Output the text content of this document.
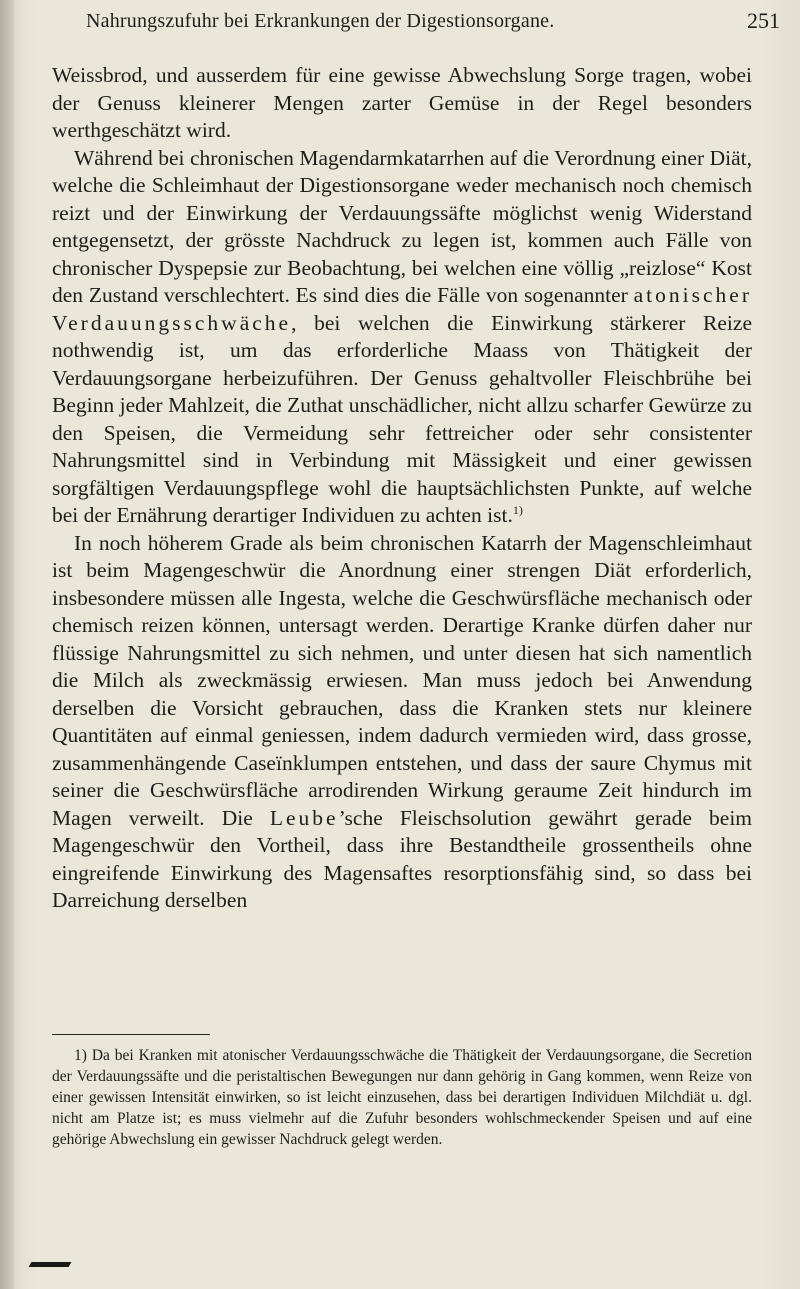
Nahrungszufuhr bei Erkrankungen der Digestionsorgane.	251

Weissbrod, und ausserdem für eine gewisse Abwechslung Sorge tragen, wobei der Genuss kleinerer Mengen zarter Gemüse in der Regel besonders werthgeschätzt wird.

Während bei chronischen Magendarmkatarrhen auf die Verordnung einer Diät, welche die Schleimhaut der Digestionsorgane weder mechanisch noch chemisch reizt und der Einwirkung der Verdauungssäfte möglichst wenig Widerstand entgegensetzt, der grösste Nachdruck zu legen ist, kommen auch Fälle von chronischer Dyspepsie zur Beobachtung, bei welchen eine völlig „reizlose“ Kost den Zustand verschlechtert. Es sind dies die Fälle von sogenannter atonischer Verdauungsschwäche, bei welchen die Einwirkung stärkerer Reize nothwendig ist, um das erforderliche Maass von Thätigkeit der Verdauungsorgane herbeizuführen. Der Genuss gehaltvoller Fleischbrühe bei Beginn jeder Mahlzeit, die Zuthat unschädlicher, nicht allzu scharfer Gewürze zu den Speisen, die Vermeidung sehr fettreicher oder sehr consistenter Nahrungsmittel sind in Verbindung mit Mässigkeit und einer gewissen sorgfältigen Verdauungspflege wohl die hauptsächlichsten Punkte, auf welche bei der Ernährung derartiger Individuen zu achten ist.$^{1)}$

In noch höherem Grade als beim chronischen Katarrh der Magenschleimhaut ist beim Magengeschwür die Anordnung einer strengen Diät erforderlich, insbesondere müssen alle Ingesta, welche die Geschwürsfläche mechanisch oder chemisch reizen können, untersagt werden. Derartige Kranke dürfen daher nur flüssige Nahrungsmittel zu sich nehmen, und unter diesen hat sich namentlich die Milch als zweckmässig erwiesen. Man muss jedoch bei Anwendung derselben die Vorsicht gebrauchen, dass die Kranken stets nur kleinere Quantitäten auf einmal geniessen, indem dadurch vermieden wird, dass grosse, zusammenhängende Caseïnklumpen entstehen, und dass der saure Chymus mit seiner die Geschwürsfläche arrodirenden Wirkung geraume Zeit hindurch im Magen verweilt. Die Leube’sche Fleischsolution gewährt gerade beim Magengeschwür den Vortheil, dass ihre Bestandtheile grossentheils ohne eingreifende Einwirkung des Magensaftes resorptionsfähig sind, so dass bei Darreichung derselben

1) Da bei Kranken mit atonischer Verdauungsschwäche die Thätigkeit der Verdauungsorgane, die Secretion der Verdauungssäfte und die peristaltischen Bewegungen nur dann gehörig in Gang kommen, wenn Reize von einer gewissen Intensität einwirken, so ist leicht einzusehen, dass bei derartigen Individuen Milchdiät u. dgl. nicht am Platze ist; es muss vielmehr auf die Zufuhr besonders wohlschmeckender Speisen und auf eine gehörige Abwechslung ein gewisser Nachdruck gelegt werden.
